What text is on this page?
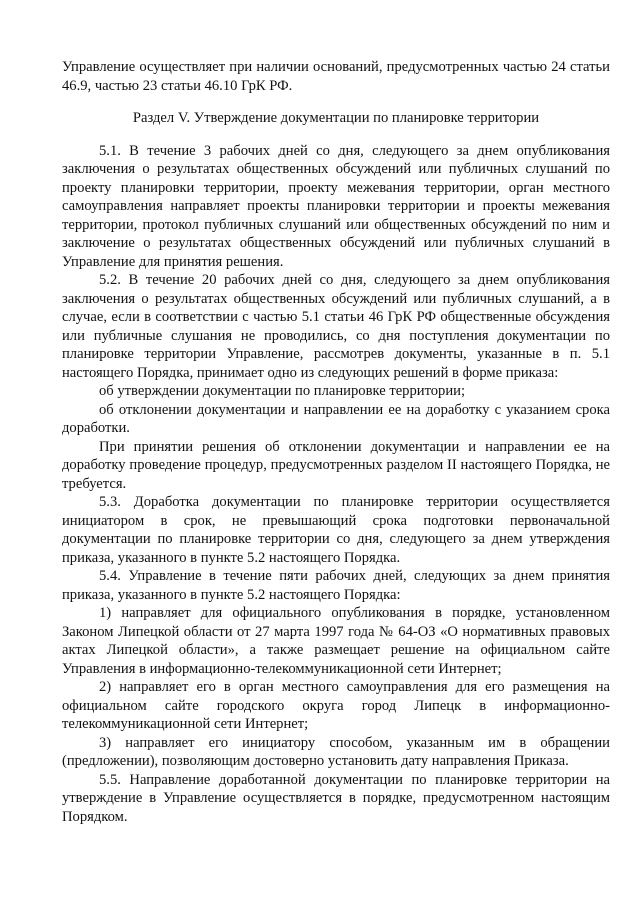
Управление осуществляет при наличии оснований, предусмотренных частью 24 статьи 46.9, частью 23 статьи 46.10 ГрК РФ.

Раздел V. Утверждение документации по планировке территории

5.1. В течение 3 рабочих дней со дня, следующего за днем опубликования заключения о результатах общественных обсуждений или публичных слушаний по проекту планировки территории, проекту межевания территории, орган местного самоуправления направляет проекты планировки территории и проекты межевания территории, протокол публичных слушаний или общественных обсуждений по ним и заключение о результатах общественных обсуждений или публичных слушаний в Управление для принятия решения.

5.2. В течение 20 рабочих дней со дня, следующего за днем опубликования заключения о результатах общественных обсуждений или публичных слушаний, а в случае, если в соответствии с частью 5.1 статьи 46 ГрК РФ общественные обсуждения или публичные слушания не проводились, со дня поступления документации по планировке территории Управление, рассмотрев документы, указанные в п. 5.1 настоящего Порядка, принимает одно из следующих решений в форме приказа:

об утверждении документации по планировке территории;

об отклонении документации и направлении ее на доработку с указанием срока доработки.

При принятии решения об отклонении документации и направлении ее на доработку проведение процедур, предусмотренных разделом II настоящего Порядка, не требуется.

5.3. Доработка документации по планировке территории осуществляется инициатором в срок, не превышающий срока подготовки первоначальной документации по планировке территории со дня, следующего за днем утверждения приказа, указанного в пункте 5.2 настоящего Порядка.

5.4. Управление в течение пяти рабочих дней, следующих за днем принятия приказа, указанного в пункте 5.2 настоящего Порядка:

1) направляет для официального опубликования в порядке, установленном Законом Липецкой области от 27 марта 1997 года № 64-ОЗ «О нормативных правовых актах Липецкой области», а также размещает решение на официальном сайте Управления в информационно-телекоммуникационной сети Интернет;

2) направляет его в орган местного самоуправления для его размещения на официальном сайте городского округа город Липецк в информационно-телекоммуникационной сети Интернет;

3) направляет его инициатору способом, указанным им в обращении (предложении), позволяющим достоверно установить дату направления Приказа.

5.5. Направление доработанной документации по планировке территории на утверждение в Управление осуществляется в порядке, предусмотренном настоящим Порядком.
